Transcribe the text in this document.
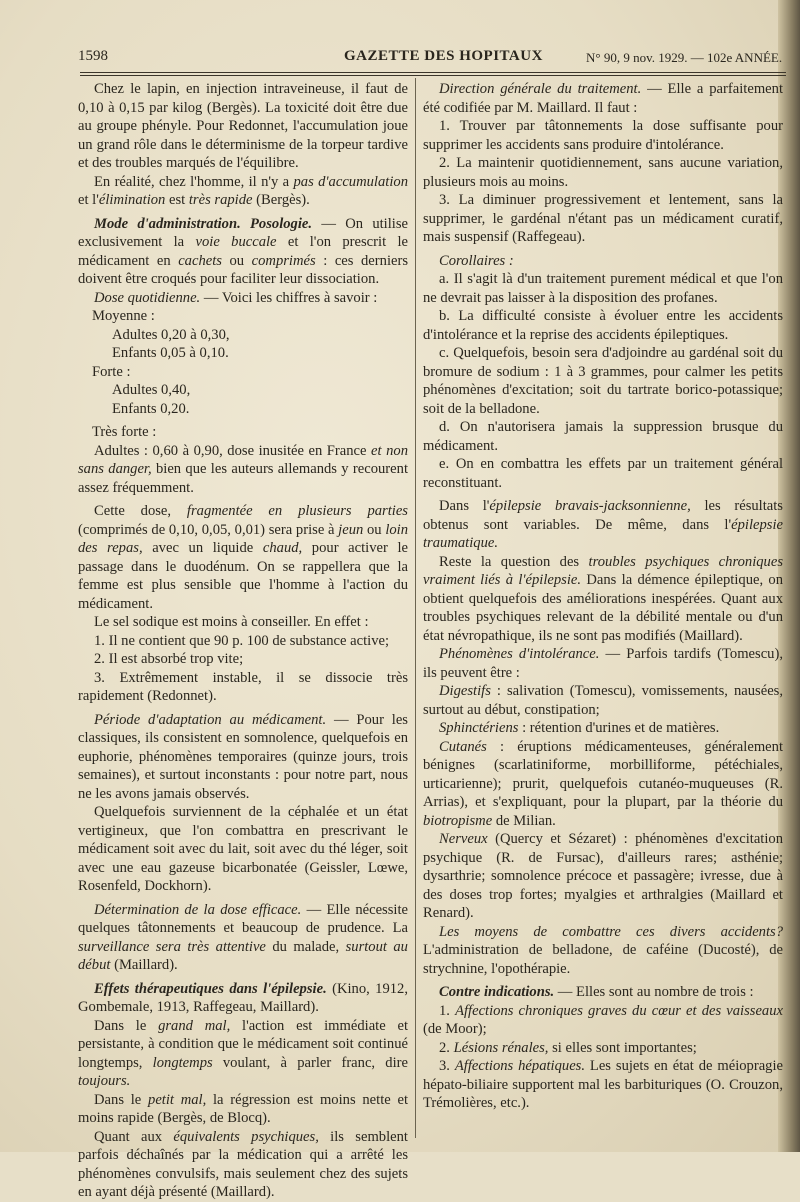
1598	GAZETTE DES HOPITAUX	N° 90, 9 nov. 1929. — 102e ANNÉE.

Chez le lapin, en injection intraveineuse, il faut de 0,10 à 0,15 par kilog (Bergès). La toxicité doit être due au groupe phényle. Pour Redonnet, l'accumulation joue un grand rôle dans le déterminisme de la torpeur tardive et des troubles marqués de l'équilibre.

En réalité, chez l'homme, il n'y a pas d'accumulation et l'élimination est très rapide (Bergès).

Mode d'administration. Posologie. — On utilise exclusivement la voie buccale et l'on prescrit le médicament en cachets ou comprimés : ces derniers doivent être croqués pour faciliter leur dissociation.

Dose quotidienne. — Voici les chiffres à savoir :

Moyenne :

Adultes 0,20 à 0,30,

Enfants 0,05 à 0,10.

Forte :

Adultes 0,40,

Enfants 0,20.

Très forte :

Adultes : 0,60 à 0,90, dose inusitée en France et non sans danger, bien que les auteurs allemands y recourent assez fréquemment.

Cette dose, fragmentée en plusieurs parties (comprimés de 0,10, 0,05, 0,01) sera prise à jeun ou loin des repas, avec un liquide chaud, pour activer le passage dans le duodénum. On se rappellera que la femme est plus sensible que l'homme à l'action du médicament.

Le sel sodique est moins à conseiller. En effet :

1. Il ne contient que 90 p. 100 de substance active;

2. Il est absorbé trop vite;

3. Extrêmement instable, il se dissocie très rapidement (Redonnet).

Période d'adaptation au médicament. — Pour les classiques, ils consistent en somnolence, quelquefois en euphorie, phénomènes temporaires (quinze jours, trois semaines), et surtout inconstants : pour notre part, nous ne les avons jamais observés.

Quelquefois surviennent de la céphalée et un état vertigineux, que l'on combattra en prescrivant le médicament soit avec du lait, soit avec du thé léger, soit avec une eau gazeuse bicarbonatée (Geissler, Lœwe, Rosenfeld, Dockhorn).

Détermination de la dose efficace. — Elle nécessite quelques tâtonnements et beaucoup de prudence. La surveillance sera très attentive du malade, surtout au début (Maillard).

Effets thérapeutiques dans l'épilepsie. (Kino, 1912, Gombemale, 1913, Raffegeau, Maillard).

Dans le grand mal, l'action est immédiate et persistante, à condition que le médicament soit continué longtemps, longtemps voulant, à parler franc, dire toujours.

Dans le petit mal, la régression est moins nette et moins rapide (Bergès, de Blocq).

Quant aux équivalents psychiques, ils semblent parfois déchaînés par la médication qui a arrêté les phénomènes convulsifs, mais seulement chez des sujets en ayant déjà présenté (Maillard).

Direction générale du traitement. — Elle a parfaitement été codifiée par M. Maillard. Il faut :

1. Trouver par tâtonnements la dose suffisante pour supprimer les accidents sans produire d'intolérance.

2. La maintenir quotidiennement, sans aucune variation, plusieurs mois au moins.

3. La diminuer progressivement et lentement, sans la supprimer, le gardénal n'étant pas un médicament curatif, mais suspensif (Raffegeau).

Corollaires :

a. Il s'agit là d'un traitement purement médical et que l'on ne devrait pas laisser à la disposition des profanes.

b. La difficulté consiste à évoluer entre les accidents d'intolérance et la reprise des accidents épileptiques.

c. Quelquefois, besoin sera d'adjoindre au gardénal soit du bromure de sodium : 1 à 3 grammes, pour calmer les petits phénomènes d'excitation; soit du tartrate borico-potassique; soit de la belladone.

d. On n'autorisera jamais la suppression brusque du médicament.

e. On en combattra les effets par un traitement général reconstituant.

Dans l'épilepsie bravais-jacksonnienne, les résultats obtenus sont variables. De même, dans l'épilepsie traumatique.

Reste la question des troubles psychiques chroniques vraiment liés à l'épilepsie. Dans la démence épileptique, on obtient quelquefois des améliorations inespérées. Quant aux troubles psychiques relevant de la débilité mentale ou d'un état névropathique, ils ne sont pas modifiés (Maillard).

Phénomènes d'intolérance. — Parfois tardifs (Tomescu), ils peuvent être :

Digestifs : salivation (Tomescu), vomissements, nausées, surtout au début, constipation;

Sphinctériens : rétention d'urines et de matières.

Cutanés : éruptions médicamenteuses, généralement bénignes (scarlatiniforme, morbilliforme, pétéchiales, urticarienne); prurit, quelquefois cutanéo-muqueuses (R. Arrias), et s'expliquant, pour la plupart, par la théorie du biotropisme de Milian.

Nerveux (Quercy et Sézaret) : phénomènes d'excitation psychique (R. de Fursac), d'ailleurs rares; asthénie; dysarthrie; somnolence précoce et passagère; ivresse, due à des doses trop fortes; myalgies et arthralgies (Maillard et Renard).

Les moyens de combattre ces divers accidents? L'administration de belladone, de caféine (Ducosté), de strychnine, l'opothérapie.

Contre indications. — Elles sont au nombre de trois :

1. Affections chroniques graves du cœur et des vaisseaux (de Moor);

2. Lésions rénales, si elles sont importantes;

3. Affections hépatiques. Les sujets en état de méiopragie hépato-biliaire supportent mal les barbituriques (O. Crouzon, Trémolières, etc.).
